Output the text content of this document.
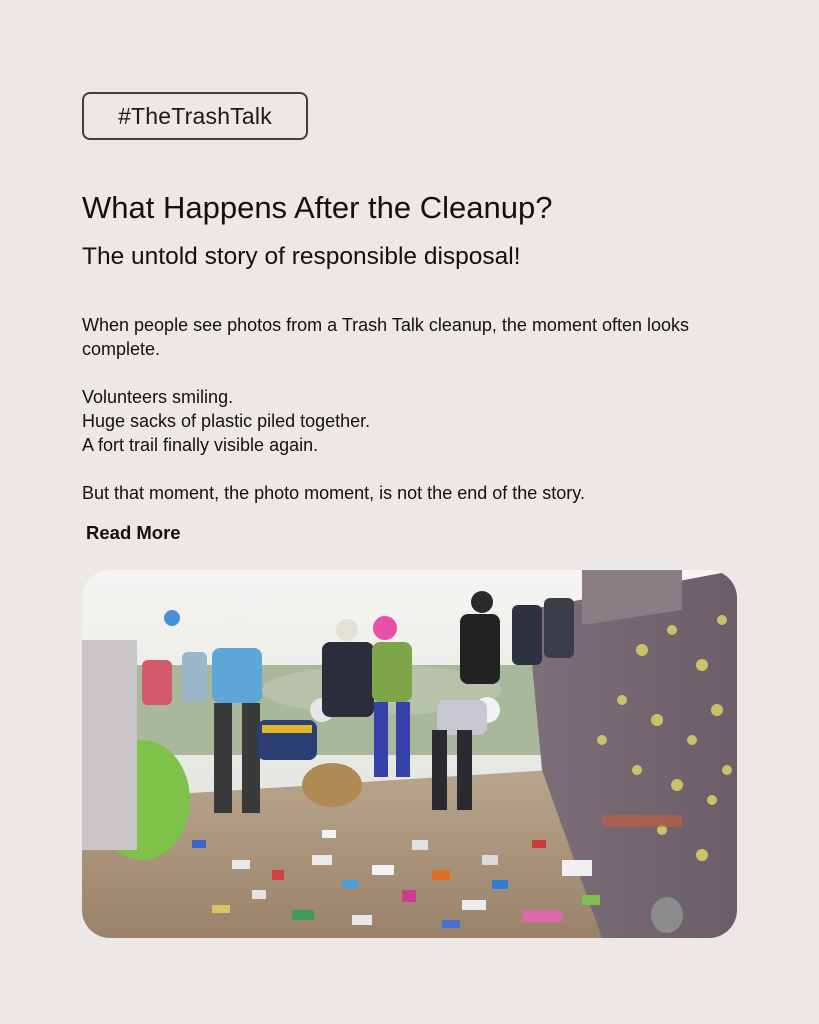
#TheTrashTalk
What Happens After the Cleanup?
The untold story of responsible disposal!

When people see photos from a Trash Talk cleanup, the moment often looks complete.

Volunteers smiling.

Huge sacks of plastic piled together.

A fort trail finally visible again.

But that moment, the photo moment, is not the end of the story.

Read More
